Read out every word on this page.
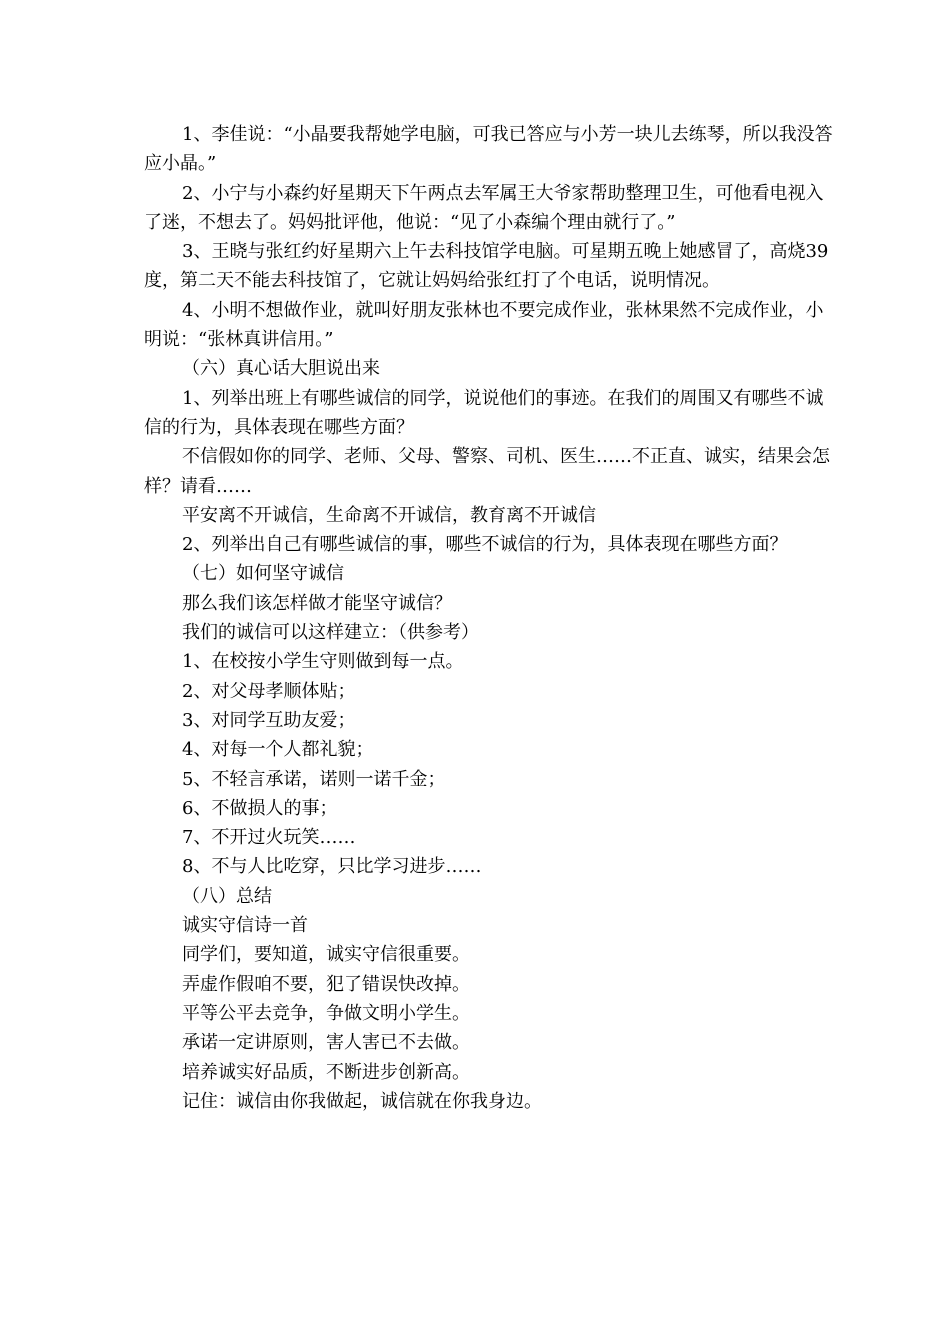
1、李佳说：“小晶要我帮她学电脑，可我已答应与小芳一块儿去练琴，所以我没答应小晶。”

2、小宁与小森约好星期天下午两点去军属王大爷家帮助整理卫生，可他看电视入了迷，不想去了。妈妈批评他，他说：“见了小森编个理由就行了。”

3、王晓与张红约好星期六上午去科技馆学电脑。可星期五晚上她感冒了，高烧39度，第二天不能去科技馆了，它就让妈妈给张红打了个电话，说明情况。

4、小明不想做作业，就叫好朋友张林也不要完成作业，张林果然不完成作业，小明说：“张林真讲信用。”

（六）真心话大胆说出来

1、列举出班上有哪些诚信的同学，说说他们的事迹。在我们的周围又有哪些不诚信的行为，具体表现在哪些方面？

不信假如你的同学、老师、父母、警察、司机、医生……不正直、诚实，结果会怎样？请看……

平安离不开诚信，生命离不开诚信，教育离不开诚信

2、列举出自己有哪些诚信的事，哪些不诚信的行为，具体表现在哪些方面？

（七）如何坚守诚信

那么我们该怎样做才能坚守诚信？

我们的诚信可以这样建立：（供参考）

1、在校按小学生守则做到每一点。

2、对父母孝顺体贴；

3、对同学互助友爱；

4、对每一个人都礼貌；

5、不轻言承诺，诺则一诺千金；

6、不做损人的事；

7、不开过火玩笑……

8、不与人比吃穿，只比学习进步……

（八）总结

诚实守信诗一首

同学们，要知道，诚实守信很重要。

弄虚作假咱不要，犯了错误快改掉。

平等公平去竞争，争做文明小学生。

承诺一定讲原则，害人害已不去做。

培养诚实好品质，不断进步创新高。

记住：诚信由你我做起，诚信就在你我身边。
